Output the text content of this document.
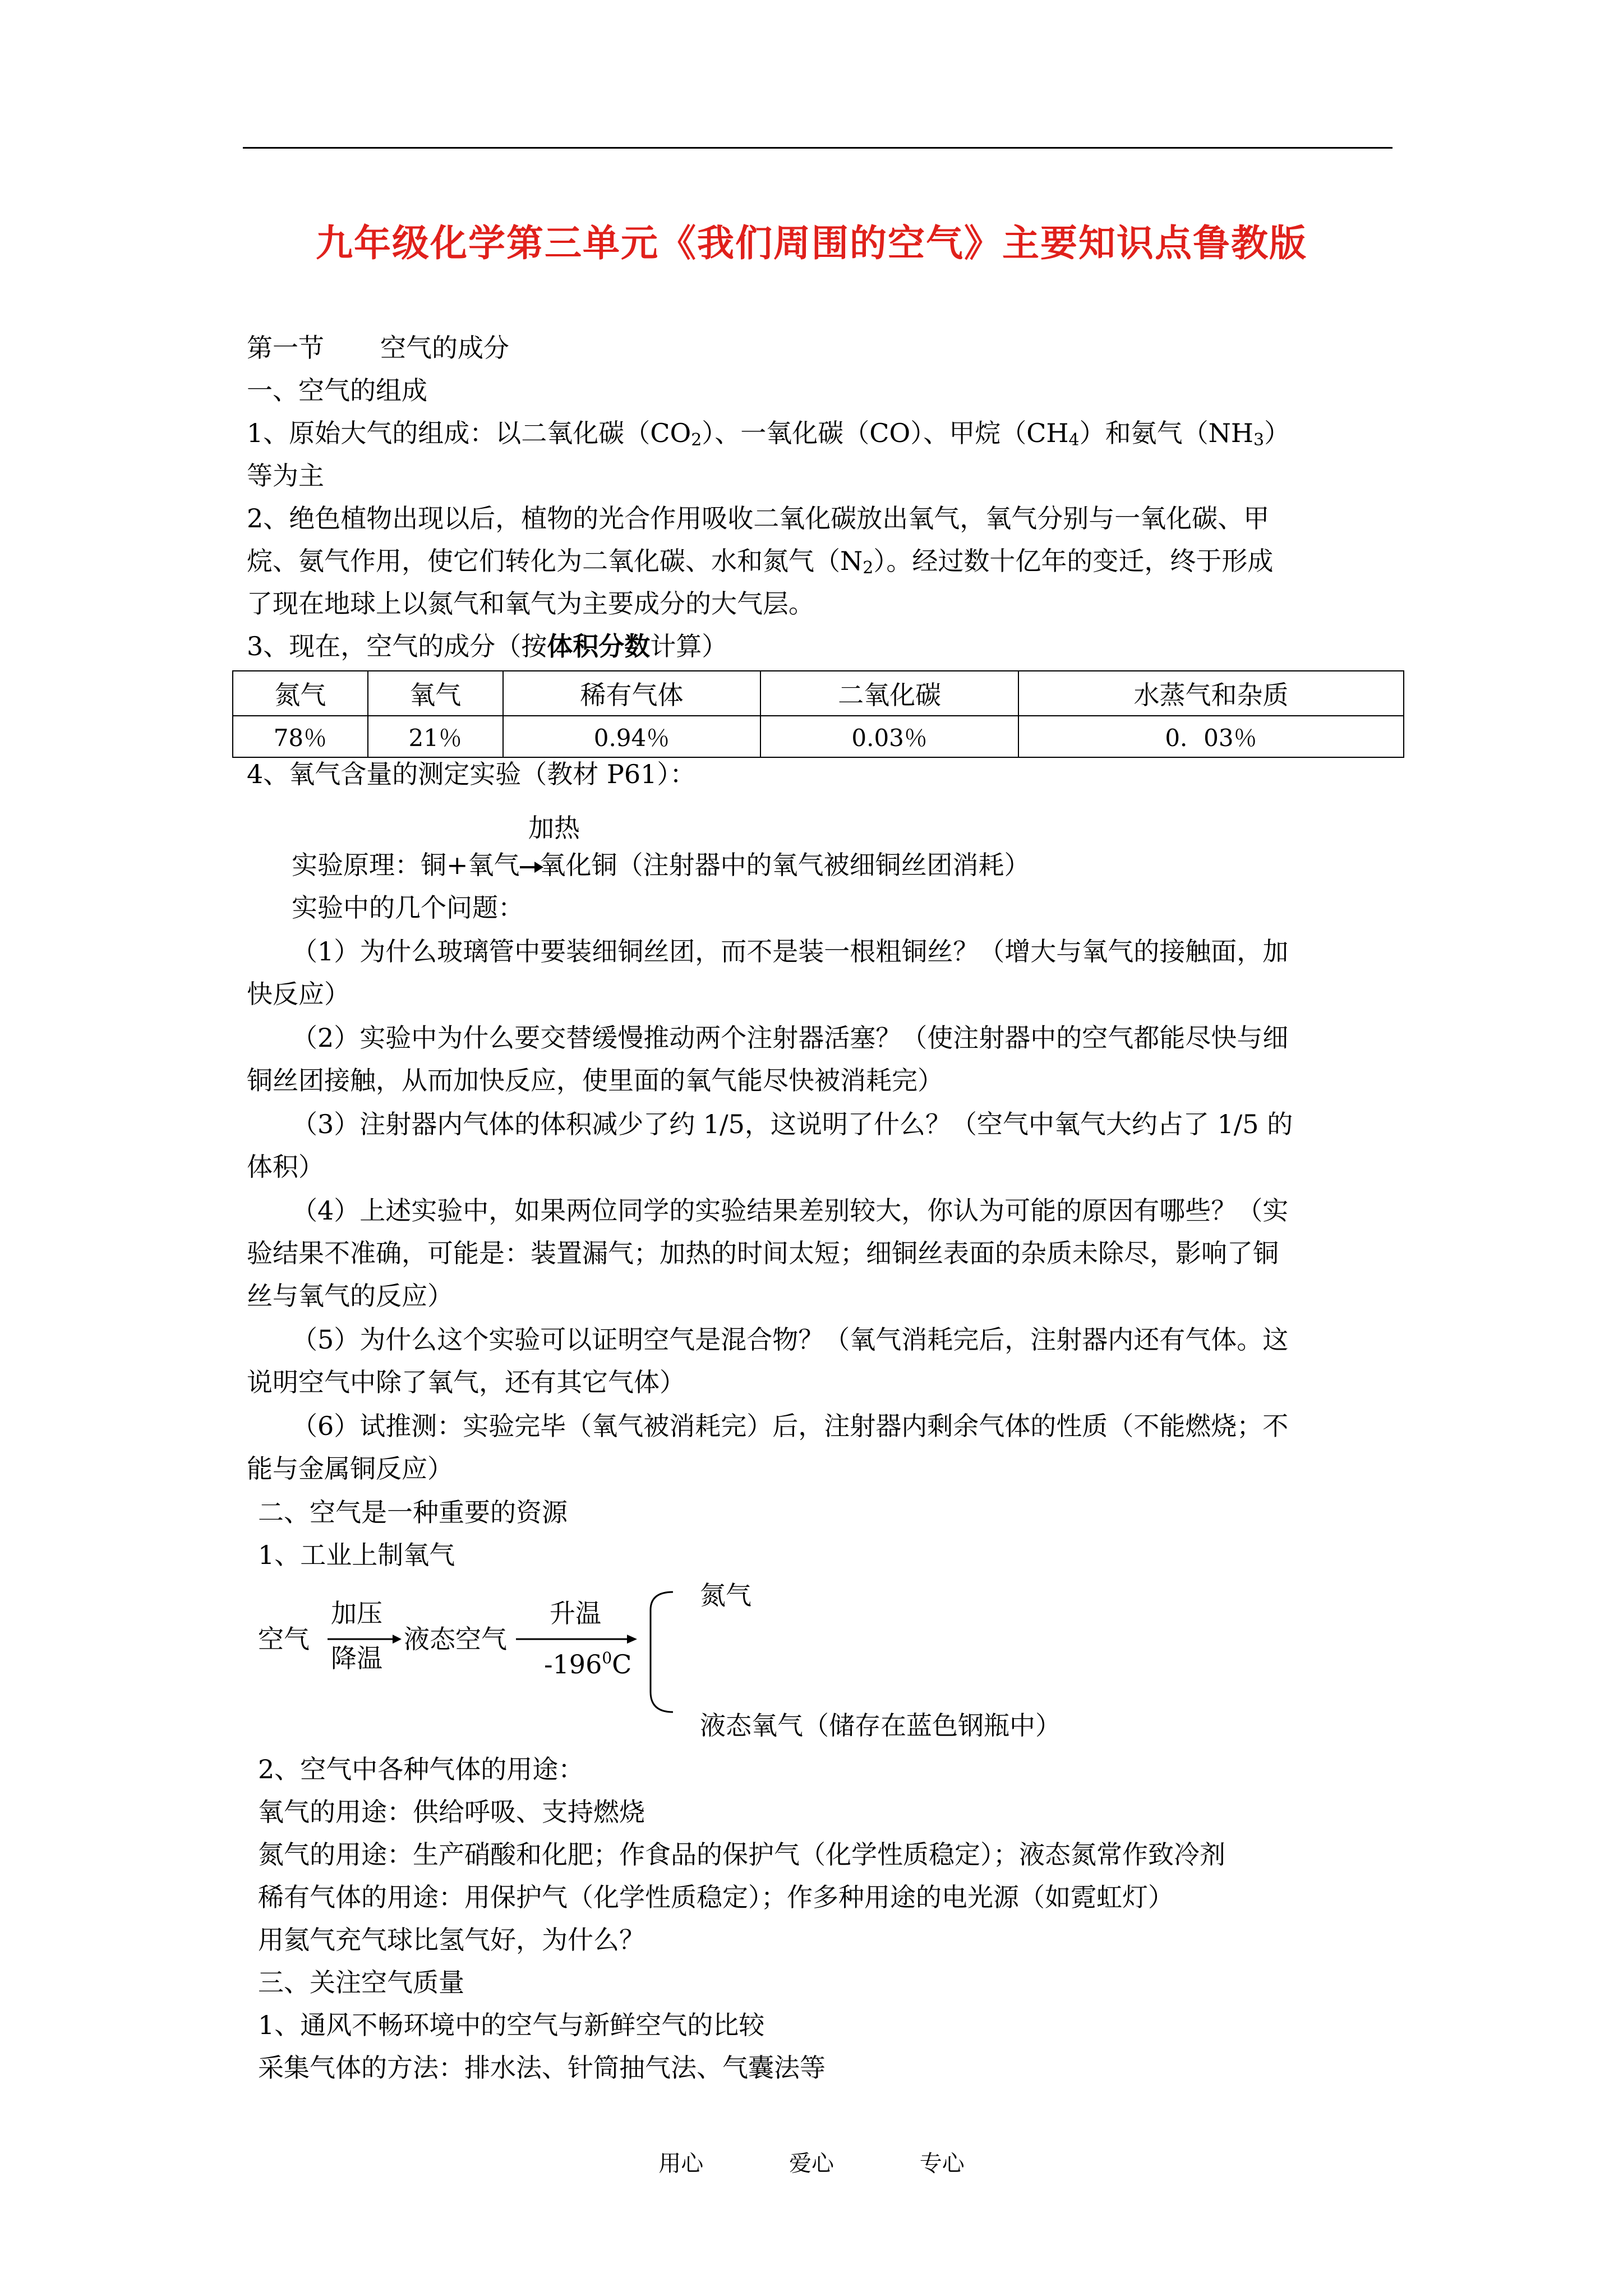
九年级化学第三单元《我们周围的空气》主要知识点鲁教版
第一节 空气的成分
一、空气的组成
1、原始大气的组成：以二氧化碳$(CO_2)$、一氧化碳（CO）、甲烷$(CH_4)$和氨气$(NH_3)$
等为主
2、绝色植物出现以后，植物的光合作用吸收二氧化碳放出氧气，氧气分别与一氧化碳、甲
烷、氨气作用，使它们转化为二氧化碳、水和氮气$(N_2)$。经过数十亿年的变迁，终于形成
了现在地球上以氮气和氧气为主要成分的大气层。
3、现在，空气的成分（按体积分数计算）
氮气	氧气	稀有气体	二氧化碳	水蒸气和杂质
78％	21％	0.94％	0.03％	0．03％
4、氧气含量的测定实验（教材 P61）：
加热
实验原理：铜+氧气→氧化铜（注射器中的氧气被细铜丝团消耗）
实验中的几个问题：
（1）为什么玻璃管中要装细铜丝团，而不是装一根粗铜丝？（增大与氧气的接触面，加
快反应）
（2）实验中为什么要交替缓慢推动两个注射器活塞？（使注射器中的空气都能尽快与细
铜丝团接触，从而加快反应，使里面的氧气能尽快被消耗完）
（3）注射器内气体的体积减少了约 1/5，这说明了什么？（空气中氧气大约占了 1/5 的
体积）
（4）上述实验中，如果两位同学的实验结果差别较大，你认为可能的原因有哪些？（实
验结果不准确，可能是：装置漏气；加热的时间太短；细铜丝表面的杂质未除尽，影响了铜
丝与氧气的反应）
（5）为什么这个实验可以证明空气是混合物？（氧气消耗完后，注射器内还有气体。这
说明空气中除了氧气，还有其它气体）
（6）试推测：实验完毕（氧气被消耗完）后，注射器内剩余气体的性质（不能燃烧；不
能与金属铜反应）
二、空气是一种重要的资源
1、工业上制氧气
空气
加压
降温
液态空气
升温
$-196^0C$
氮气
液态氧气（储存在蓝色钢瓶中）
2、空气中各种气体的用途：
氧气的用途：供给呼吸、支持燃烧
氮气的用途：生产硝酸和化肥；作食品的保护气（化学性质稳定）；液态氮常作致冷剂
稀有气体的用途：用保护气（化学性质稳定）；作多种用途的电光源（如霓虹灯）
用氦气充气球比氢气好，为什么？
三、关注空气质量
1、通风不畅环境中的空气与新鲜空气的比较
采集气体的方法：排水法、针筒抽气法、气囊法等
用心	爱心	专心
